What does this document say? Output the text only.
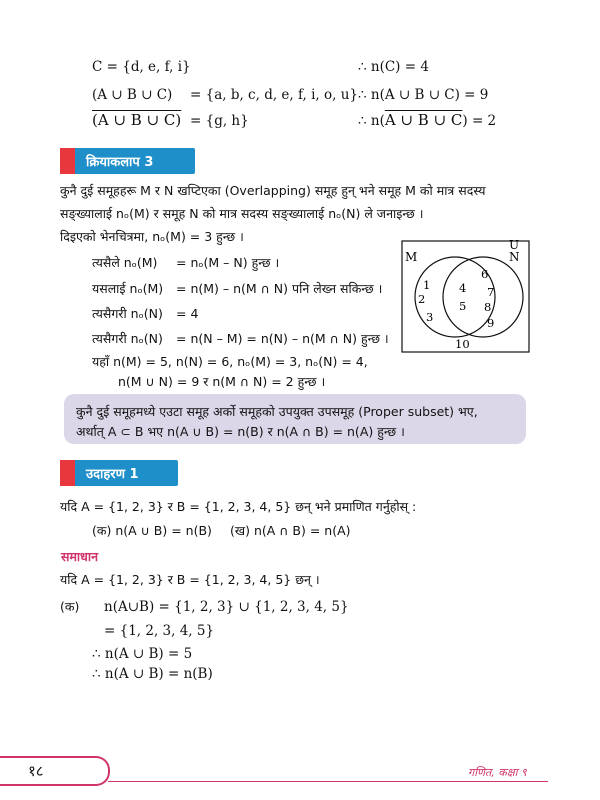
C = {d, e, f, i}	∴ n(C) = 4
(A ∪ B ∪ C) = {a, b, c, d, e, f, i, o, u} ∴ n(A ∪ B ∪ C) = 9
(A ∪ B ∪ C) = {g, h}	∴ n(A ∪ B ∪ C) = 2
क्रियाकलाप 3
कुनै दुई समूहहरू M र N खप्टिएका (Overlapping) समूह हुन् भने समूह M को मात्र सदस्य
सङ्ख्यालाई nₒ(M) र समूह N को मात्र सदस्य सङ्ख्यालाई nₒ(N) ले जनाइन्छ ।
दिइएको भेनचित्रमा, nₒ(M) = 3 हुन्छ ।
त्यसैले nₒ(M) = nₒ(M – N) हुन्छ ।
यसलाई nₒ(M) = n(M) – n(M ∩ N) पनि लेख्न सकिन्छ ।
त्यसैगरी nₒ(N) = 4
त्यसैगरी nₒ(N) = n(N – M) = n(N) – n(M ∩ N) हुन्छ ।
यहाँ n(M) = 5, n(N) = 6, nₒ(M) = 3, nₒ(N) = 4,
n(M ∪ N) = 9 र n(M ∩ N) = 2 हुन्छ ।
U
M	N
1
2
3
4
5
6
7
8
9
10
कुनै दुई समूहमध्ये एउटा समूह अर्को समूहको उपयुक्त उपसमूह (Proper subset) भए,
अर्थात् A ⊂ B भए n(A ∪ B) = n(B) र n(A ∩ B) = n(A) हुन्छ ।
उदाहरण 1
यदि A = {1, 2, 3} र B = {1, 2, 3, 4, 5} छन् भने प्रमाणित गर्नुहोस् :
(क) n(A ∪ B) = n(B) (ख) n(A ∩ B) = n(A)
समाधान
यदि A = {1, 2, 3} र B = {1, 2, 3, 4, 5} छन् ।
(क) n(A∪B) = {1, 2, 3} ∪ {1, 2, 3, 4, 5}
= {1, 2, 3, 4, 5}
∴ n(A ∪ B) = 5
∴ n(A ∪ B) = n(B)
१८	गणित, कक्षा ९
